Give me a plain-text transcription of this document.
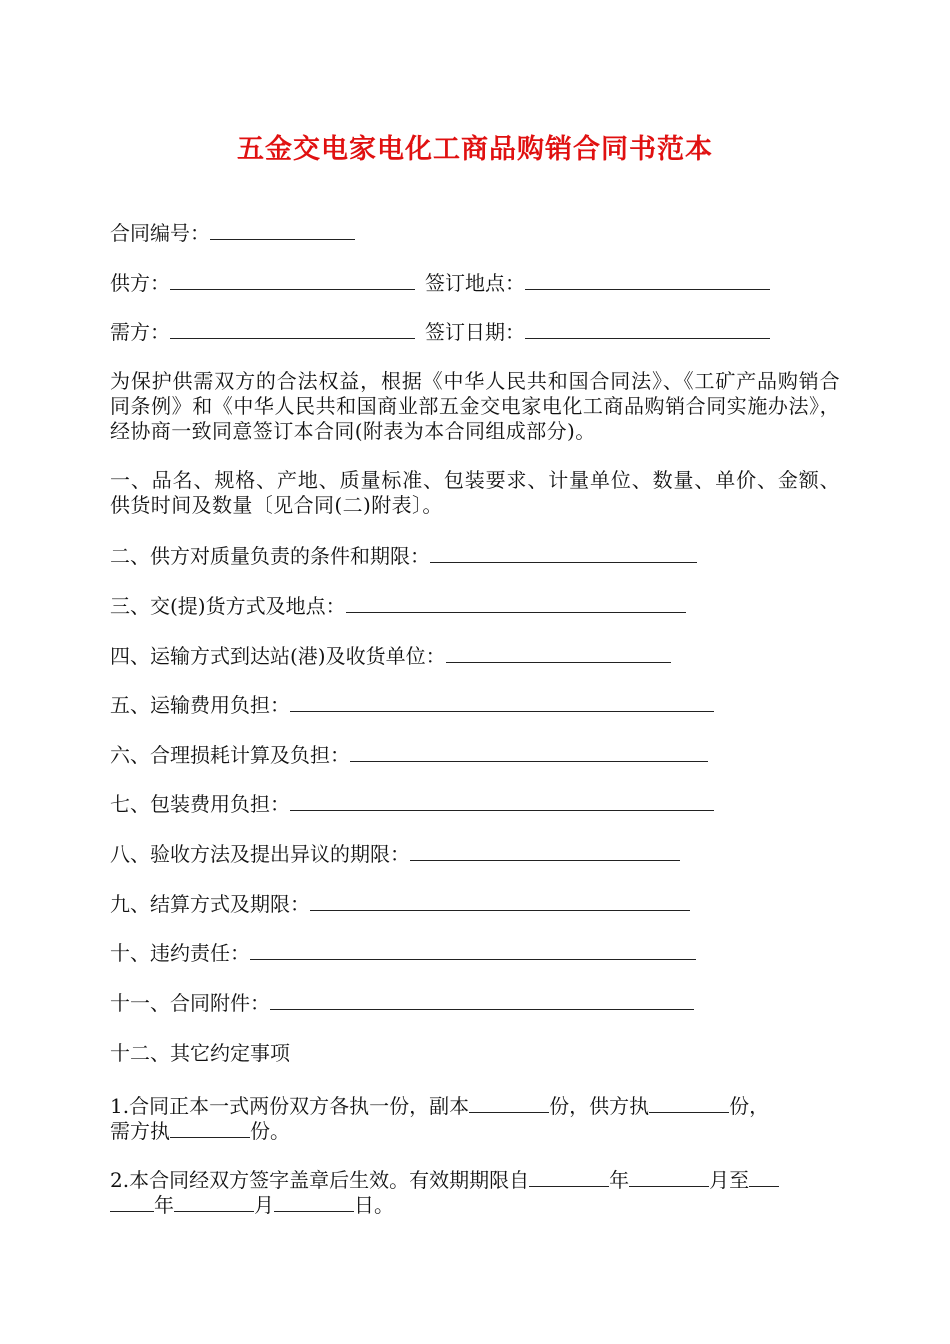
五金交电家电化工商品购销合同书范本
合同编号：
供方：	签订地点：
需方：	签订日期：
为保护供需双方的合法权益，根据《中华人民共和国合同法》、《工矿产品购销合同条例》和《中华人民共和国商业部五金交电家电化工商品购销合同实施办法》，经协商一致同意签订本合同(附表为本合同组成部分)。
一、品名、规格、产地、质量标准、包装要求、计量单位、数量、单价、金额、供货时间及数量〔见合同(二)附表〕。
二、供方对质量负责的条件和期限：
三、交(提)货方式及地点：
四、运输方式到达站(港)及收货单位：
五、运输费用负担：
六、合理损耗计算及负担：
七、包装费用负担：
八、验收方法及提出异议的期限：
九、结算方式及期限：
十、违约责任：
十一、合同附件：
十二、其它约定事项
1.合同正本一式两份双方各执一份，副本	份，供方执	份，
需方执	份。
2.本合同经双方签字盖章后生效。有效期期限自	年	月至
年	月	日。
